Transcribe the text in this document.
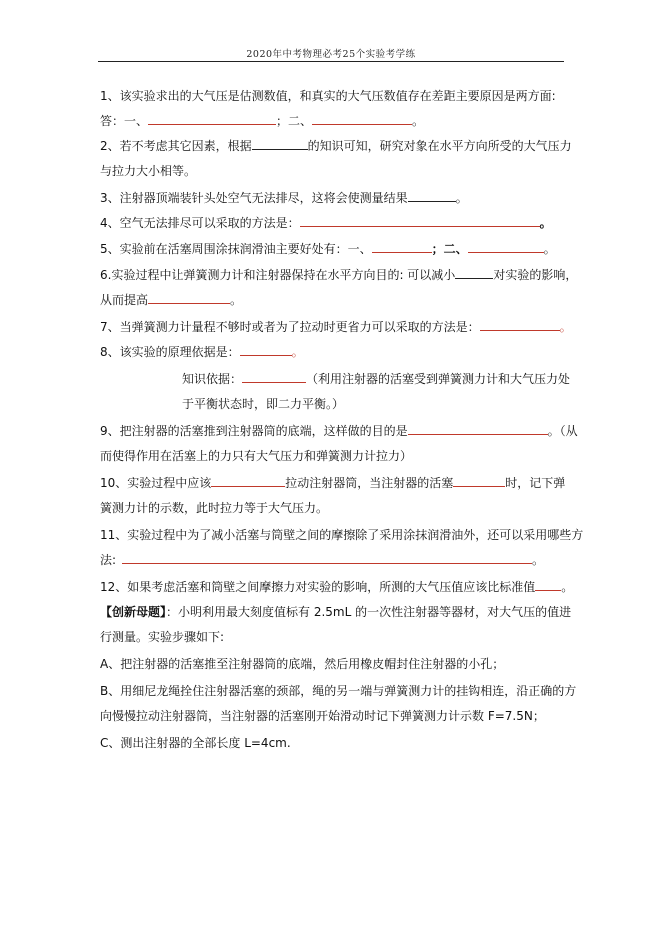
2020年中考物理必考25个实验考学练
1、该实验求出的大气压是估测数值，和真实的大气压数值存在差距主要原因是两方面:
答：一、	；二、	。
2、若不考虑其它因素，根据	的知识可知，研究对象在水平方向所受的大气压力
与拉力大小相等。
3、注射器顶端装针头处空气无法排尽，这将会使测量结果	。
4、空气无法排尽可以采取的方法是：	。
5、实验前在活塞周围涂抹润滑油主要好处有：一、	；二、	。
6.实验过程中让弹簧测力计和注射器保持在水平方向目的: 可以减小	对实验的影响，
从而提高	。
7、当弹簧测力计量程不够时或者为了拉动时更省力可以采取的方法是：	。
8、该实验的原理依据是：	。
知识依据：	（利用注射器的活塞受到弹簧测力计和大气压力处
于平衡状态时，即二力平衡。）
9、把注射器的活塞推到注射器筒的底端，这样做的目的是	。（从
而使得作用在活塞上的力只有大气压力和弹簧测力计拉力）
10、实验过程中应该	拉动注射器筒，当注射器的活塞	时，记下弹
簧测力计的示数，此时拉力等于大气压力。
11、实验过程中为了减小活塞与筒壁之间的摩擦除了采用涂抹润滑油外，还可以采用哪些方
法:	。
12、如果考虑活塞和筒壁之间摩擦力对实验的影响，所测的大气压值应该比标准值 。
【创新母题】：小明利用最大刻度值标有 2.5mL 的一次性注射器等器材，对大气压的值进
行测量。实验步骤如下:
A、把注射器的活塞推至注射器筒的底端，然后用橡皮帽封住注射器的小孔；
B、用细尼龙绳拴住注射器活塞的颈部，绳的另一端与弹簧测力计的挂钩相连，沿正确的方
向慢慢拉动注射器筒，当注射器的活塞刚开始滑动时记下弹簧测力计示数 F=7.5N；
C、测出注射器的全部长度 L=4cm.
